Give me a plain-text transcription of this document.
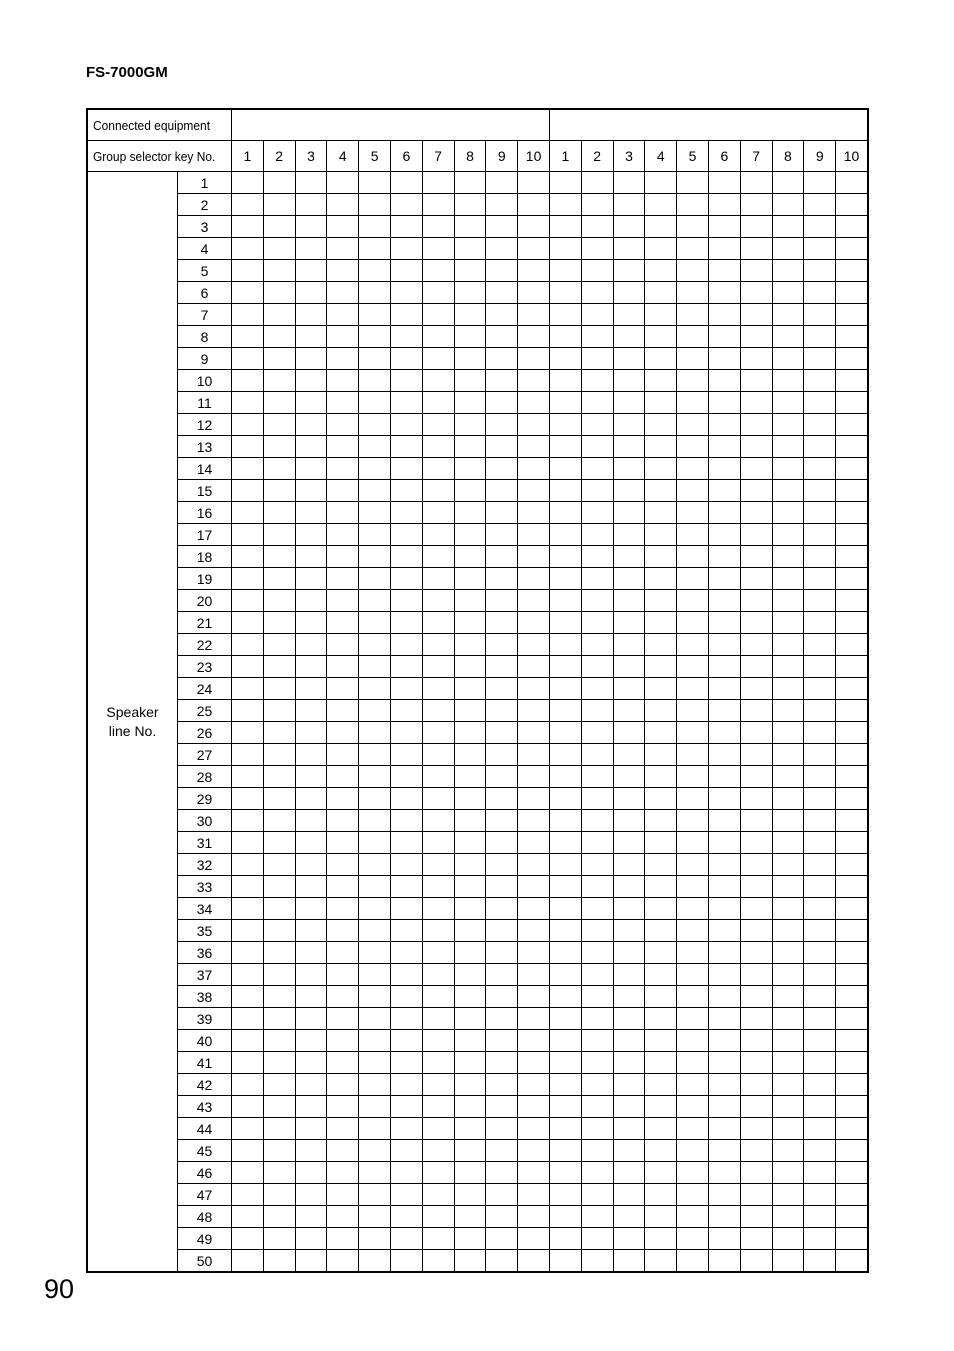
FS-7000GM
Connected equipment																					
Group selector key No.		1	2	3	4	5	6	7	8	9	10	1	2	3	4	5	6	7	8	9	10

Speaker
line No.	1																				
	2																				
	3																				
	4																				
	5																				
	6																				
	7																				
	8																				
	9																				
	10																				
	11																				
	12																				
	13																				
	14																				
	15																				
	16																				
	17																				
	18																				
	19																				
	20																				
	21																				
	22																				
	23																				
	24																				
	25																				
	26																				
	27																				
	28																				
	29																				
	30																				
	31																				
	32																				
	33																				
	34																				
	35																				
	36																				
	37																				
	38																				
	39																				
	40																				
	41																				
	42																				
	43																				
	44																				
	45																				
	46																				
	47																				
	48																				
	49																				
	50																				
90
